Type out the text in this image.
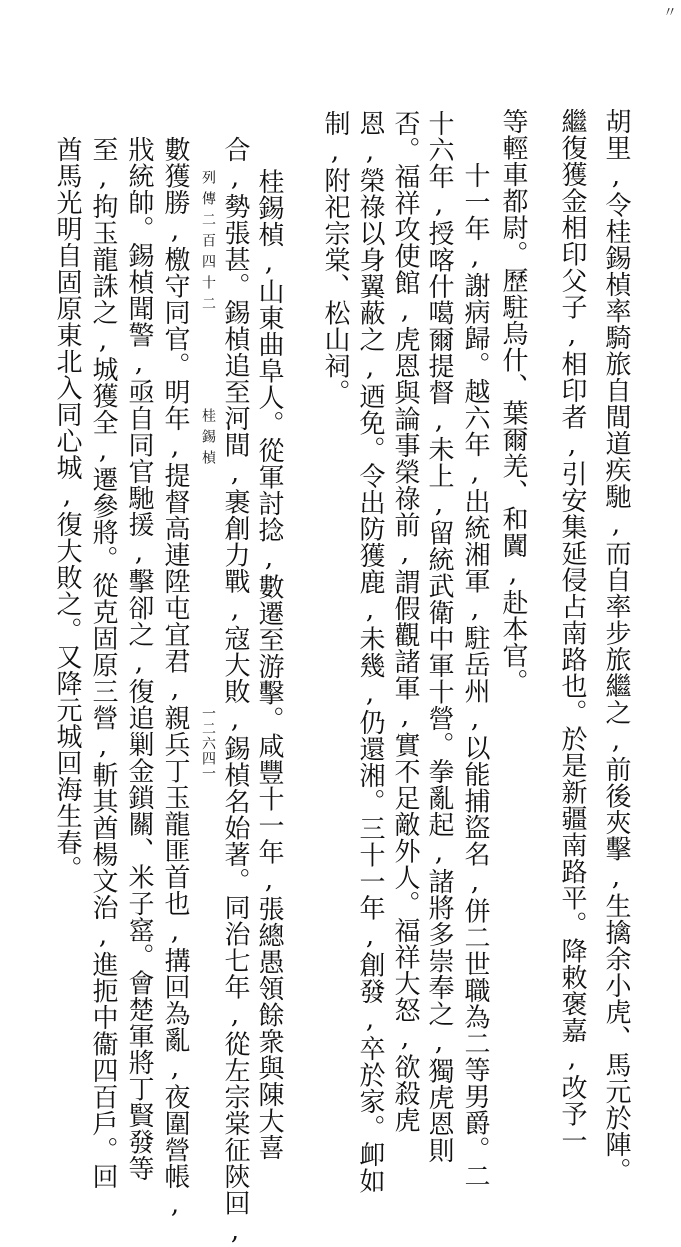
〃
胡里,令桂錫楨率騎旅自間道疾馳,而自率步旅繼之,前後夾擊,生擒余小虎、馬元於陣。
繼復獲金相印父子,相印者,引安集延侵占南路也。於是新疆南路平。降敕褒嘉,改予一
等輕車都尉。歷駐烏什、葉爾羌、和闐,赴本官。
十一年,謝病歸。越六年,出統湘軍,駐岳州,以能捕盜名,併二世職為二等男爵。二
十六年,授喀什噶爾提督,未上,留統武衛中軍十營。拳亂起,諸將多崇奉之,獨虎恩則
否。福祥攻使館,虎恩與論事榮祿前,謂假觀諸軍,實不足敵外人。福祥大怒,欲殺虎
恩,榮祿以身翼蔽之,迺免。令出防獲鹿,未幾,仍還湘。三十一年,創發,卒於家。卹如
制,附祀宗棠、松山祠。
列傳二百四十二
桂錫楨
一二六四一 桂錫楨,山東曲阜人。從軍討捻,數遷至游擊。咸豐十一年,張總愚領餘衆與陳大喜
合,勢張甚。錫楨追至河間,裹創力戰,寇大敗,錫楨名始著。同治七年,從左宗棠征陝回,
數獲勝,檄守同官。明年,提督高連陞屯宜君,親兵丁玉龍匪首也,搆回為亂,夜圍營帳,
戕統帥。錫楨聞警,亟自同官馳援,擊卻之,復追剿金鎖關、米子窰。會楚軍將丁賢發等
至,拘玉龍誅之,城獲全,遷參將。從克固原三營,斬其酋楊文治,進扼中衞四百戶。回
酋馬光明自固原東北入同心城,復大敗之。又降元城回海生春。
